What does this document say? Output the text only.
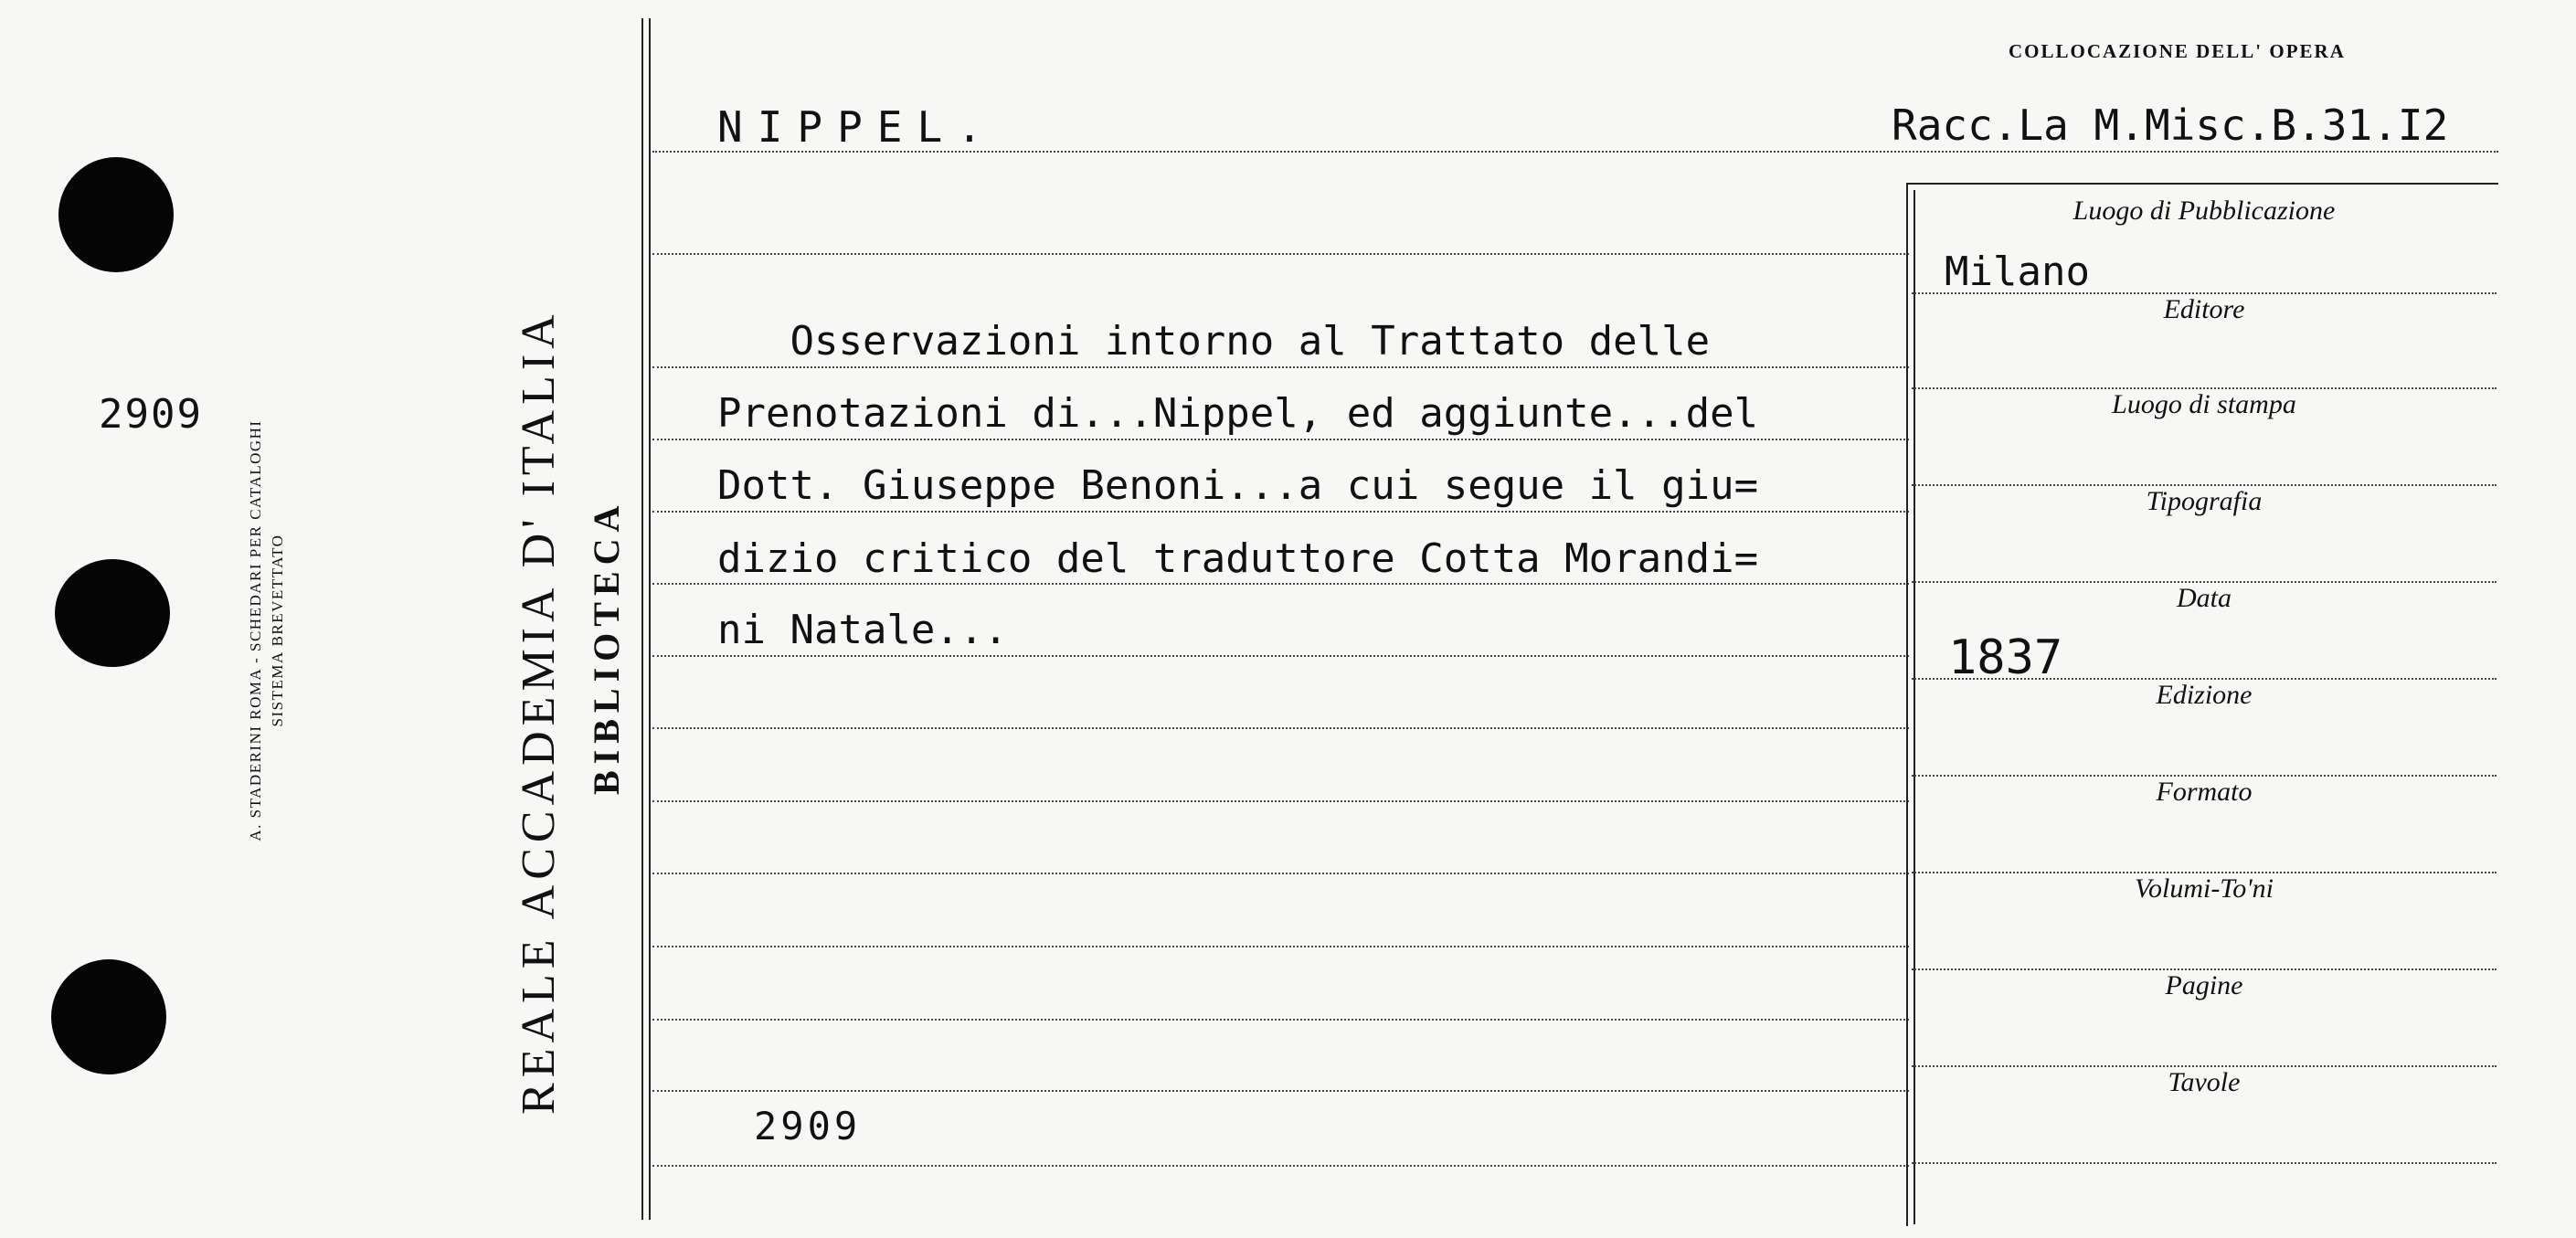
2909
A. STADERINI ROMA - SCHEDARI PER CATALOGHI SISTEMA BREVETTATO	REALE ACCADEMIA D' ITALIA BIBLIOTECA
COLLOCAZIONE DELL' OPERA
NIPPEL.	Racc.La M.Misc.B.31.I2
Osservazioni intorno al Trattato delle
Prenotazioni di...Nippel, ed aggiunte...del
Dott. Giuseppe Benoni...a cui segue il giu=
dizio critico del traduttore Cotta Morandi=
ni Natale...
2909
Luogo di Pubblicazione
Milano
Editore
Luogo di stampa
Tipografia
Data
1837
Edizione
Formato
Volumi-To'ni
Pagine
Tavole
